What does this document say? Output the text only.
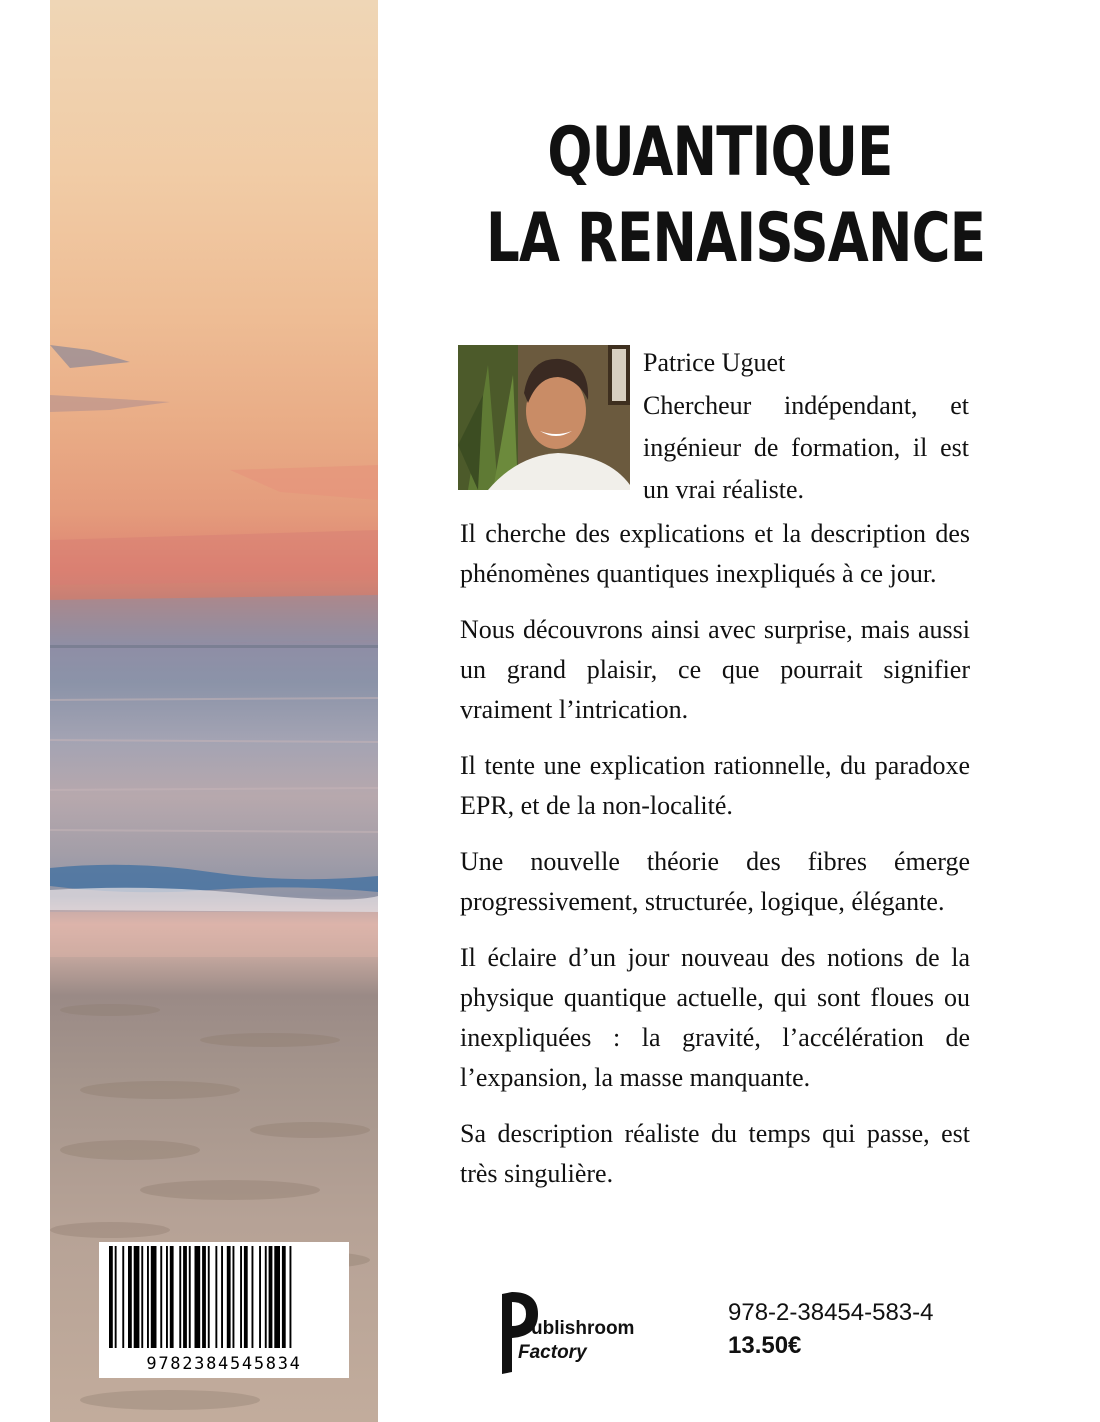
9782384545834
QUANTIQUE
LA RENAISSANCE
Patrice Uguet
Chercheur indépendant, et ingénieur de formation, il est un vrai réaliste.

Il cherche des explications et la description des phénomènes quantiques inexpliqués à ce jour.

Nous découvrons ainsi avec surprise, mais aussi un grand plaisir, ce que pourrait signifier vraiment l’intrication.

Il tente une explication rationnelle, du paradoxe EPR, et de la non-localité.

Une nouvelle théorie des fibres émerge progressivement, structurée, logique, élégante.

Il éclaire d’un jour nouveau des notions de la physique quantique actuelle, qui sont floues ou inexpliquées : la gravité, l’accélération de l’expansion, la masse manquante.

Sa description réaliste du temps qui passe, est très singulière.

ublishroom
Factory
978-2-38454-583-4
13.50€
